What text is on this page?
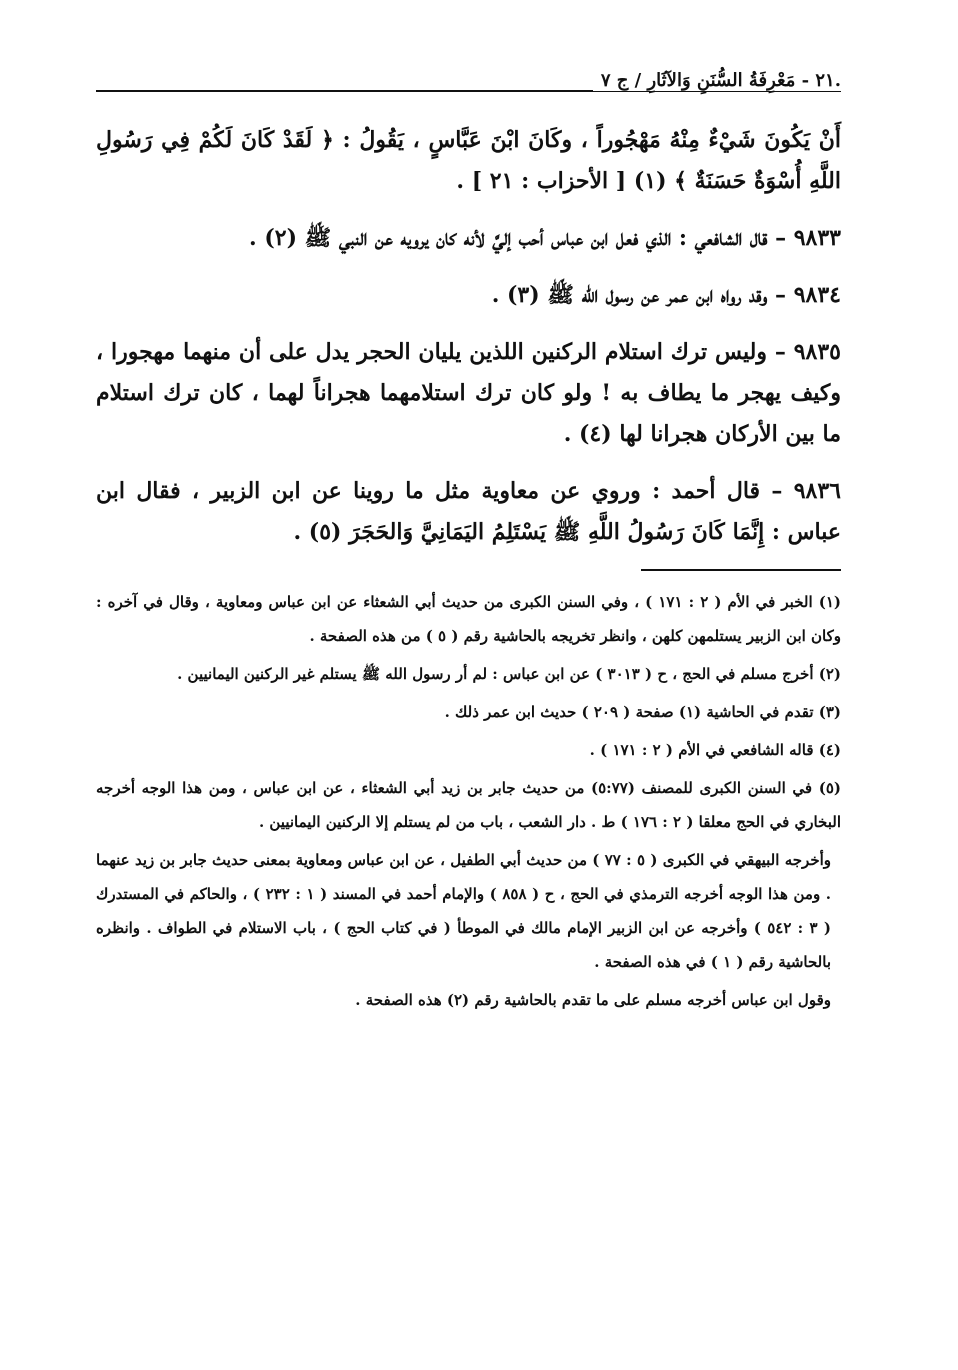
.٢١ - مَعْرِفَةُ السُّنَنِ وَالآثَارِ / ج ٧

أَنْ يَكُونَ شَيْءٌ مِنْهُ مَهْجُوراً ، وكَانَ ابْنَ عَبَّاسٍ ، يَقُولُ : ﴿ لَقَدْ كَانَ لَكُمْ فِي رَسُولِ اللَّهِ أُسْوَةٌ حَسَنَةٌ ﴾ (١) [ الأحزاب : ٢١ ] .

٩٨٣٣ – قال الشافعي : الذي فعل ابن عباس أحب إليَّ لأنه كان يرويه عن النبي ﷺ (٢) .

٩٨٣٤ – وقد رواه ابن عمر عن رسول الله ﷺ (٣) .

٩٨٣٥ – وليس ترك استلام الركنين اللذين يليان الحجر يدل على أن منهما مهجورا ، وكيف يهجر ما يطاف به ! ولو كان ترك استلامهما هجراناً لهما ، كان ترك استلام ما بين الأركان هجرانا لها (٤) .

٩٨٣٦ – قال أحمد : وروي عن معاوية مثل ما روينا عن ابن الزبير ، فقال ابن عباس : إِنَّمَا كَانَ رَسُولُ اللَّهِ ﷺ يَسْتَلِمُ اليَمَانِيَّ وَالحَجَرَ (٥) .

(١) الخبر في الأم ( ٢ : ١٧١ ) ، وفي السنن الكبرى من حديث أبي الشعثاء عن ابن عباس ومعاوية ، وقال في آخره : وكان ابن الزبير يستلمهن كلهن ، وانظر تخريجه بالحاشية رقم ( ٥ ) من هذه الصفحة .

(٢) أخرج مسلم في الحج ، ح ( ٣٠١٣ ) عن ابن عباس : لم أر رسول الله ﷺ يستلم غير الركنين اليمانيين .

(٣) تقدم في الحاشية (١) صفحة ( ٢٠٩ ) حديث ابن عمر ذلك .

(٤) قاله الشافعي في الأم ( ٢ : ١٧١ ) .

(٥) في السنن الكبرى للمصنف (٥:٧٧) من حديث جابر بن زيد أبي الشعثاء ، عن ابن عباس ، ومن هذا الوجه أخرجه البخاري في الحج معلقا ( ٢ : ١٧٦ ) ط . دار الشعب ، باب من لم يستلم إلا الركنين اليمانيين .

وأخرجه البيهقي في الكبرى ( ٥ : ٧٧ ) من حديث أبي الطفيل ، عن ابن عباس ومعاوية بمعنى حديث جابر بن زيد عنهما . ومن هذا الوجه أخرجه الترمذي في الحج ، ح ( ٨٥٨ ) والإمام أحمد في المسند ( ١ : ٢٣٢ ) ، والحاكم في المستدرك ( ٣ : ٥٤٢ ) وأخرجه عن ابن الزبير الإمام مالك في الموطأ ( في كتاب الحج ) ، باب الاستلام في الطواف . وانظره بالحاشية رقم ( ١ ) في هذه الصفحة .

وقول ابن عباس أخرجه مسلم على ما تقدم بالحاشية رقم (٢) هذه الصفحة .
